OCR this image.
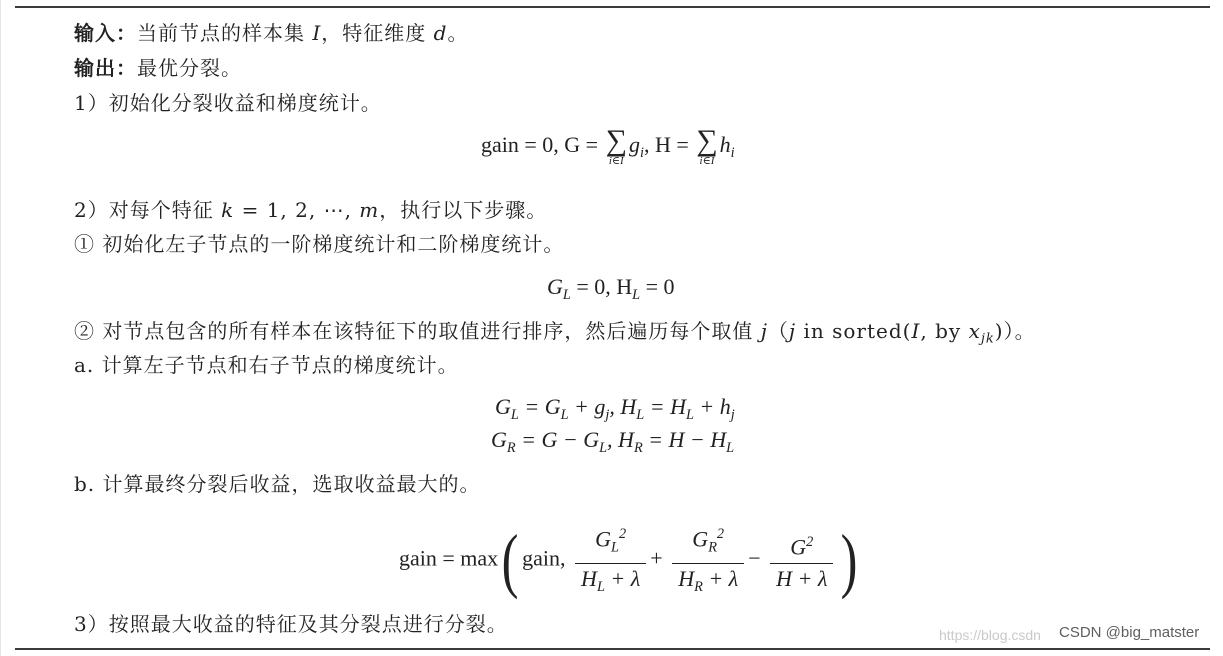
输入：当前节点的样本集 I，特征维度 d。
输出：最优分裂。
1）初始化分裂收益和梯度统计。
gain = 0, G = ∑
i∈I
$g_i$, H = ∑
i∈I
$h_i$
2）对每个特征 k = 1, 2, ⋯, m，执行以下步骤。
① 初始化左子节点的一阶梯度统计和二阶梯度统计。
$G_L = 0$, $H_L = 0$
② 对节点包含的所有样本在该特征下的取值进行排序，然后遍历每个取值 j（j in sorted(I, by $x_{jk}$)）。
a. 计算左子节点和右子节点的梯度统计。
$G_L = G_L + g_j$, $H_L = H_L + h_j$
$G_R = G - G_L$, $H_R = H - H_L$
b. 计算最终分裂后收益，选取收益最大的。
gain = max( gain, $\frac{G_L^2}{H_L + \lambda} + \frac{G_R^2}{H_R + \lambda} - \frac{G^2}{H + \lambda}$ )
3）按照最大收益的特征及其分裂点进行分裂。	https://blog.csdn CSDN @big_matster
